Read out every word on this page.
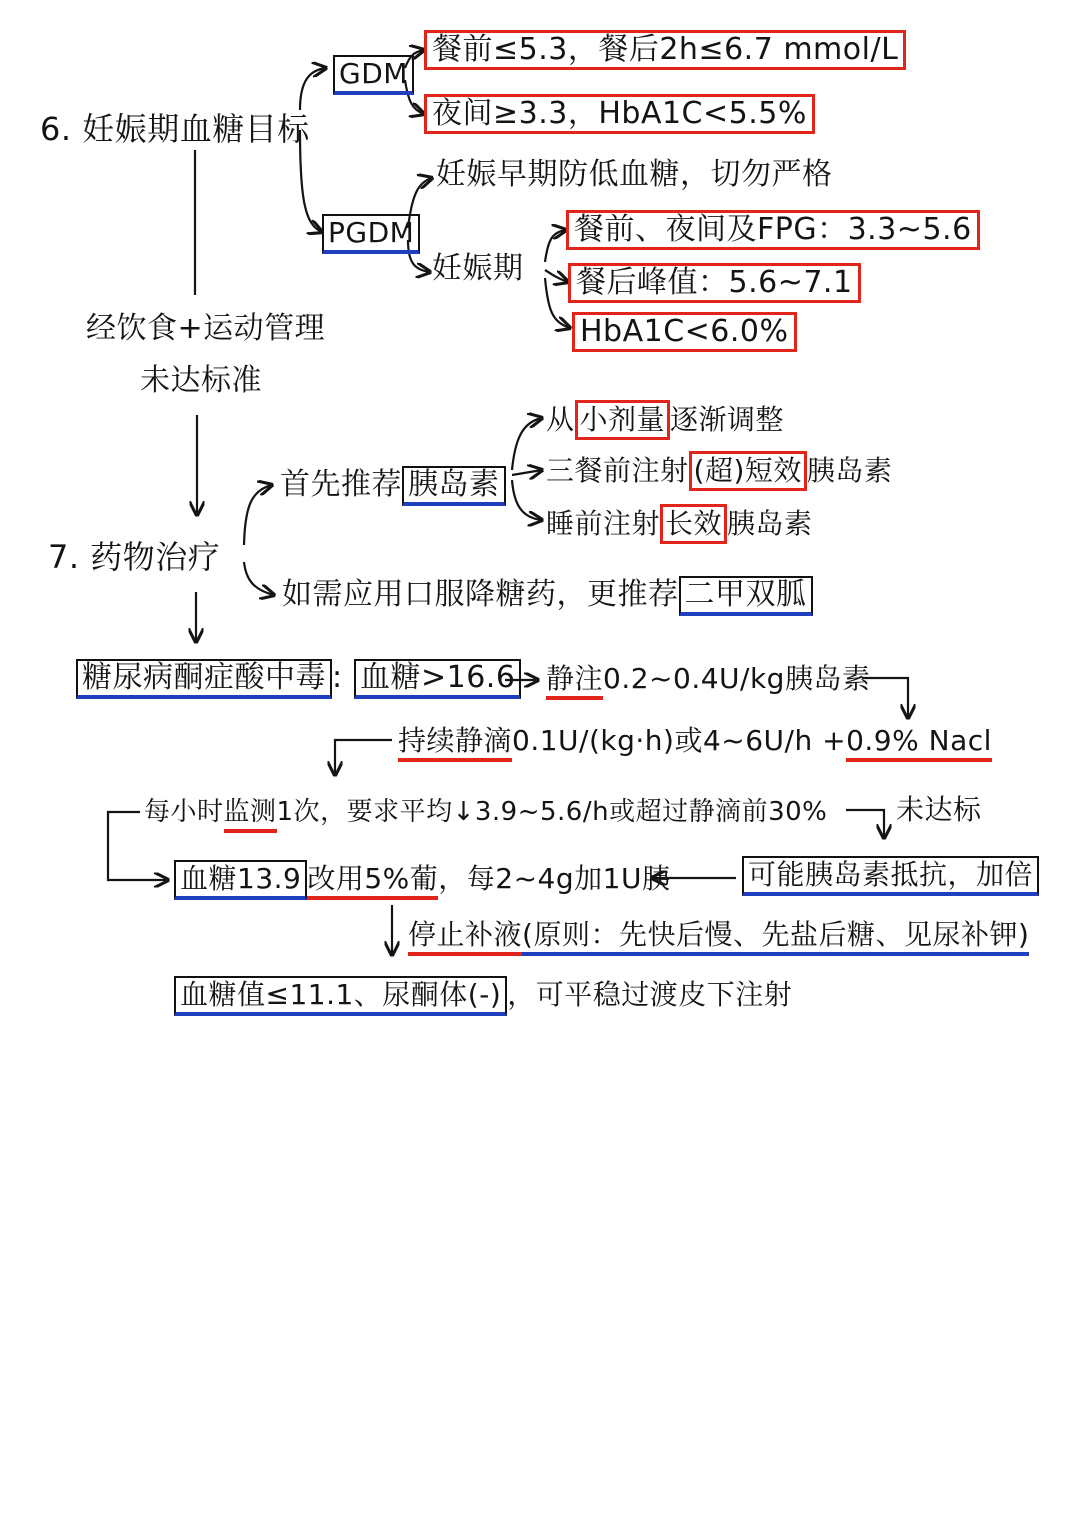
6. 妊娠期血糖目标
GDM
餐前≤5.3，餐后2h≤6.7 mmol/L
夜间≥3.3，HbA1C<5.5%
PGDM
妊娠早期防低血糖，切勿严格
妊娠期
餐前、夜间及FPG：3.3~5.6
餐后峰值：5.6~7.1
HbA1C<6.0%
经饮食+运动管理
未达标准
7. 药物治疗
首先推荐 胰岛素
从 小剂量 逐渐调整
三餐前注射 (超)短效 胰岛素
睡前注射 长效 胰岛素
如需应用口服降糖药，更推荐 二甲双胍
糖尿病酮症酸中毒 : 血糖>16.6 静注0.2~0.4U/kg胰岛素
持续静滴0.1U/(kg·h)或4~6U/h +0.9% Nacl
每小时监测1次，要求平均↓3.9~5.6/h或超过静滴前30% 未达标
可能胰岛素抵抗，加倍
血糖13.9 改用5%葡，每2~4g加1U胰
停止补液(原则：先快后慢、先盐后糖、见尿补钾)
血糖值≤11.1、尿酮体(-) ，可平稳过渡皮下注射
